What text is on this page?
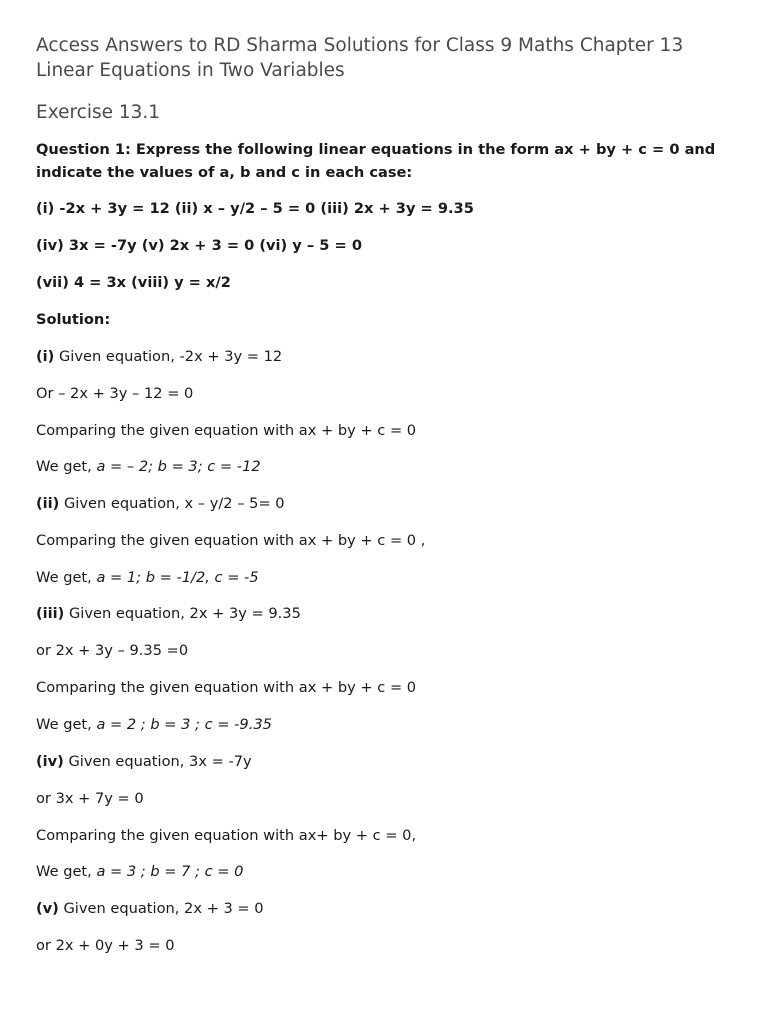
Access Answers to RD Sharma Solutions for Class 9 Maths Chapter 13
Linear Equations in Two Variables
Exercise 13.1

Question 1: Express the following linear equations in the form ax + by + c = 0 and indicate the values of a, b and c in each case:

(i) -2x + 3y = 12 (ii) x – y/2 – 5 = 0 (iii) 2x + 3y = 9.35

(iv) 3x = -7y (v) 2x + 3 = 0 (vi) y – 5 = 0

(vii) 4 = 3x (viii) y = x/2

Solution:

(i) Given equation, -2x + 3y = 12

Or – 2x + 3y – 12 = 0

Comparing the given equation with ax + by + c = 0

We get, a = – 2; b = 3; c = -12

(ii) Given equation, x – y/2 – 5= 0

Comparing the given equation with ax + by + c = 0 ,

We get, a = 1; b = -1/2, c = -5

(iii) Given equation, 2x + 3y = 9.35

or 2x + 3y – 9.35 =0

Comparing the given equation with ax + by + c = 0

We get, a = 2 ; b = 3 ; c = -9.35

(iv) Given equation, 3x = -7y

or 3x + 7y = 0

Comparing the given equation with ax+ by + c = 0,

We get, a = 3 ; b = 7 ; c = 0

(v) Given equation, 2x + 3 = 0

or 2x + 0y + 3 = 0
